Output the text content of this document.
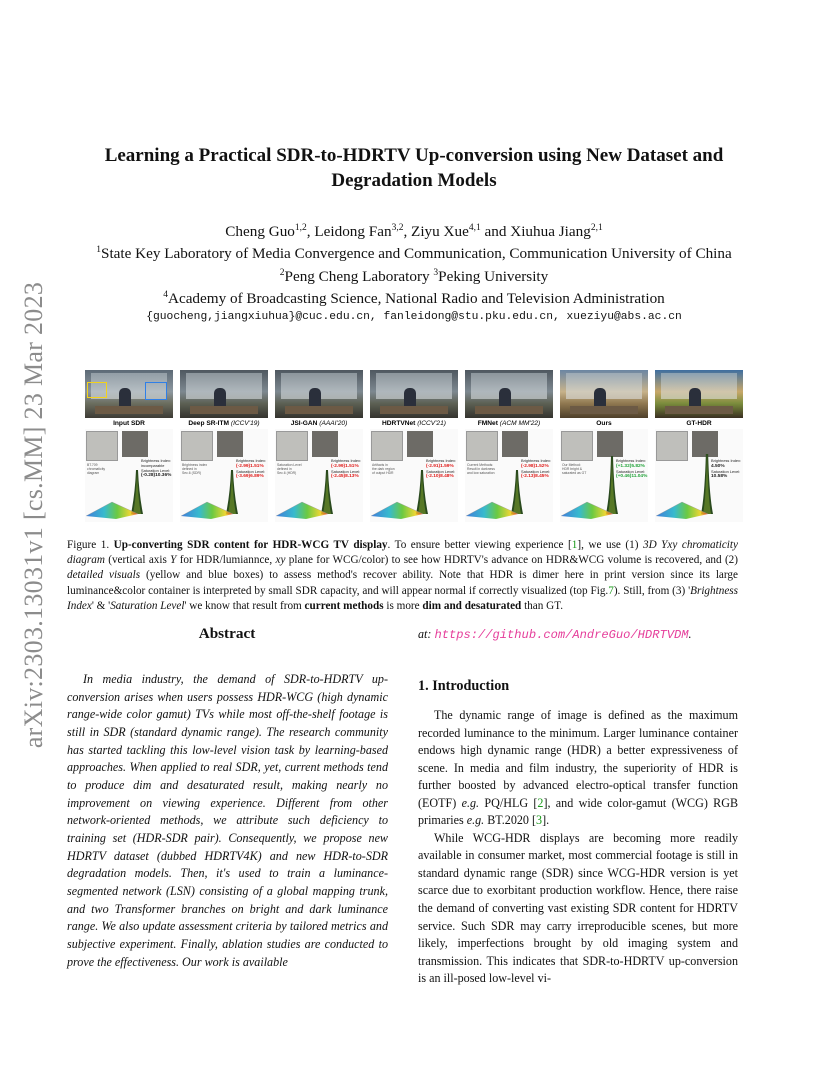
arXiv:2303.13031v1 [cs.MM] 23 Mar 2023
Learning a Practical SDR-to-HDRTV Up-conversion using New Dataset and Degradation Models
Cheng Guo$^{1,2}$, Leidong Fan$^{3,2}$, Ziyu Xue$^{4,1}$ and Xiuhua Jiang$^{2,1}$
$^1$State Key Laboratory of Media Convergence and Communication, Communication University of China
$^2$Peng Cheng Laboratory $^3$Peking University
$^4$Academy of Broadcasting Science, National Radio and Television Administration
{guocheng,jiangxiuhua}@cuc.edu.cn, fanleidong@stu.pku.edu.cn, xueziyu@abs.ac.cn
Input SDR
Brightness Index:
incomparable
Saturation Level:
(-0.28)10.36%
BT.709
chromaticity
diagram
Deep SR-ITM (ICCV'19)
Brightness Index:
(-2.99)1.51%
Saturation Level:
(-3.69)6.89%
Brightness index
defined in
Sec.6 (SDR)
JSI-GAN (AAAI'20)
Brightness Index:
(-2.99)1.51%
Saturation Level:
(-2.45)8.13%
Saturation Level
defined in
Sec.6 (HDR)
HDRTVNet (ICCV'21)
Brightness Index:
(-2.91)1.59%
Saturation Level:
(-2.10)8.48%
Artifacts in
the dark region
of output HDR
FMNet (ACM MM'22)
Brightness Index:
(-2.98)1.52%
Saturation Level:
(-2.13)8.45%
Current Methods:
Result in darkness
and low saturation
Ours
Brightness Index:
(+1.32)5.82%
Saturation Level:
(+0.46)11.04%
Our Method:
HDR bright &
saturated as GT
GT-HDR
Brightness Index:
4.50%
Saturation Level:
10.58%
Figure 1. Up-converting SDR content for HDR-WCG TV display. To ensure better viewing experience [1], we use (1) 3D Yxy chromaticity diagram (vertical axis Y for HDR/lumiannce, xy plane for WCG/color) to see how HDRTV's advance on HDR&WCG volume is recovered, and (2) detailed visuals (yellow and blue boxes) to assess method's recover ability. Note that HDR is dimer here in print version since its large luminance&color container is interpreted by small SDR capacity, and will appear normal if correctly visualized (top Fig.7). Still, from (3) 'Brightness Index' & 'Saturation Level' we know that result from current methods is more dim and desaturated than GT.
Abstract
In media industry, the demand of SDR-to-HDRTV up-conversion arises when users possess HDR-WCG (high dynamic range-wide color gamut) TVs while most off-the-shelf footage is still in SDR (standard dynamic range). The research community has started tackling this low-level vision task by learning-based approaches. When applied to real SDR, yet, current methods tend to produce dim and desaturated result, making nearly no improvement on viewing experience. Different from other network-oriented methods, we attribute such deficiency to training set (HDR-SDR pair). Consequently, we propose new HDRTV dataset (dubbed HDRTV4K) and new HDR-to-SDR degradation models. Then, it's used to train a luminance-segmented network (LSN) consisting of a global mapping trunk, and two Transformer branches on bright and dark luminance range. We also update assessment criteria by tailored metrics and subjective experiment. Finally, ablation studies are conducted to prove the effectiveness. Our work is available
at: https://github.com/AndreGuo/HDRTVDM.
1. Introduction

The dynamic range of image is defined as the maximum recorded luminance to the minimum. Larger luminance container endows high dynamic range (HDR) a better expressiveness of scene. In media and film industry, the superiority of HDR is further boosted by advanced electro-optical transfer function (EOTF) e.g. PQ/HLG [2], and wide color-gamut (WCG) RGB primaries e.g. BT.2020 [3].

While WCG-HDR displays are becoming more readily available in consumer market, most commercial footage is still in standard dynamic range (SDR) since WCG-HDR version is yet scarce due to exorbitant production workflow. Hence, there raise the demand of converting vast existing SDR content for HDRTV service. Such SDR may carry irreproducible scenes, but more likely, imperfections brought by old imaging system and transmission. This indicates that SDR-to-HDRTV up-conversion is an ill-posed low-level vi-
